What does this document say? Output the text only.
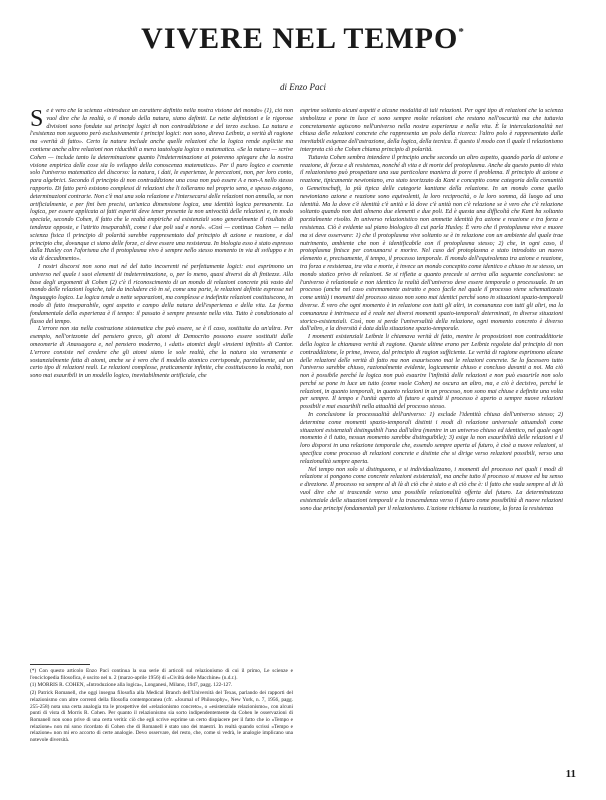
VIVERE NEL TEMPO*
di Enzo Paci

Se è vero che la scienza «introduce un carattere definito nella nostra visione del mondo» (1), ciò non vuol dire che la realtà, o il mondo della natura, siano definiti. Le nette definizioni e le rigorose divisioni sono fondate sui principi logici di non contraddizione e del terzo escluso. La natura e l'esistenza non seguono però esclusivamente i principi logici: non sono, direva Leibniz, a verità di ragione ma «verità di fatto». Certo la natura include anche quelle relazioni che la logica rende esplicite ma contiene anche altre relazioni non riducibili a mera tautologia logica o matematica. «Se la natura — scrive Cohen — include tanto la determinazione quanto l'indeterminazione ai poteremo spiegare che la nostra visione empirica delle cose sia lo sviluppo della conoscenza matematica». Per il puro logico e coerente solo l'universo matematico del discorso: la natura, i dati, le esperienze, le percezioni, non, per loro conto, para algebrici. Secondo il principio di non contraddizione una cosa non può essere A e non-A nello stesso rapporto. Di fatto però esistono complessi di relazioni che li tolleramo nel proprio seno, e spesso esigono, determinazioni contrarie. Non c'è mai una sola relazione e l'intersecarsi delle relazioni non annulla, se non artificialmente, e per fini ben precisi, un'unica dimensione logica, una identità logica permanente. La logica, per essere applicata ai fatti esperiti deve tener presente la non univocità delle relazioni e, in modo speciale, secondo Cohen, il fatto che le realtà empiriche ed esistenziali sono generalmente il risultato di tendenze opposte, e l'attrito inseparabili, come i due poli sud e nord». «Così — continua Cohen — nella scienza fisica il principio di polarità sarebbe rappresentato dal principio di azione e reazione, e dal principio che, dovunque ci siano delle forze, ci deve essere una resistenza. In biologia esso è stato espresso dalla Huxley con l'aforisma che il protoplasma vivo è sempre nello stesso momento in via di sviluppo e in via di decadimento».

I nostri discorsi non sono mai né del tutto incoerenti né perfettamente logici: essi esprimono un universo nel quale i suoi elementi di indeterminazione, o, per lo meno, quasi diversi da di finitezze. Alla base degli argomenti di Cohen (2) c'è il riconoscimento di un mondo di relazioni concrete più vasto del mondo delle relazioni logiche, tale da includere ciò in sé, come una parte, le relazioni definite espresse nel linguaggio logico. La logica tende a nette separazioni, ma complesse e indefinite relazioni costituiscono, in modo di fatto inseparabile, ogni aspetto e campo della natura dell'esperienza e della vita. La forma fondamentale della esperienza è il tempo: il passato è sempre presente nella vita. Tutto è condizionato al flusso del tempo.

L'errore non sta nella costruzione sistematica che può essere, se è il caso, sostituita da un'altra. Per esempio, nell'orizzonte del pensiero greco, gli atomi di Democrito possono essere sostituiti dalle omeomerie di Anassagora e, nel pensiero moderno, i «dati» atomici degli «insiemi infiniti» di Cantor. L'errore consiste nel credere che gli atomi siano le sole realtà, che la natura sia veramente e sostanzialmente fatta di atomi, anche se è vero che il modello atomico corrisponde, parzialmente, ad un certo tipo di relazioni reali. Le relazioni complesse, praticamente infinite, che costituiscono la realtà, non sono mai esauribili in un modello logico, inevitabilmente artificiale, che

esprime soltanto alcuni aspetti e alcune modalità di tali relazioni. Per ogni tipo di relazioni che la scienza simbolizza e pone in luce ci sono sempre molte relazioni che restano nell'oscurità ma che tuttavia concretamente agiscono nell'universo nella nostra esperienza e nella vita. È la intercalazionalità nei chiusa delle relazioni concrete che rappresenta un polo della ricerca: l'altro polo è rappresentato dalle inevitabili esigenze dell'astrazione, della logica, della tecnica. È questo il modo con il quale il relazionismo interpreta ciò che Cohen chiama principio di polarità.

Tuttavia Cohen sembra intendere il principio anche secondo un altro aspetto, quando parla di azione e reazione, di forza e di resistenza, nonché di vita e di morte del protoplasma. Anche da questo punto di vista il relazionismo può prospettare una sua particolare maniera di porre il problema. Il principio di azione e reazione, tipicamente newtoniano, era stato teorizzato da Kant e concepito come categoria della comunità o Gemeinschaft, la più tipica delle categorie kantiane della relazione. In un mondo come quello newtoniano azione e reazione sono equivalenti, la loro reciprocità, o la loro somma, dà luogo ad una identità. Ma la dove c'è identità c'è unità e là dove c'è unità non c'è relazione se è vero che c'è relazione soltanto quando non dati almeno due elementi e due poli. Ed è questa una difficoltà che Kant ha soltanto parzialmente risolto. In universo relazionistico non ammette identità fra azione e reazione e tra forza e resistenza. Ciò è evidente sul piano biologico di cui parla Huxley. È vero che il protoplasma vive e muore ma si deve osservare: 1) che il protoplasma vive soltanto se è in relazione con un ambiente del quale trae nutrimento, ambiente che non è identificabile con il protoplasma stesso; 2) che, in ogni caso, il protoplasma finisce per consumarsi e morire. Nel caso del protoplasma e stato introdotto un nuovo elemento e, precisamente, il tempo, il processo temporale. Il mondo dell'equivalenza tra azione e reazione, tra forza e resistenza, tra vita e morte, è invece un mondo concepito come identico e chiuso in se stesso, un mondo statico privo di relazioni. Se si riflette a quanto precede si arriva alla seguente conclusione: se l'universo è relazionale e non identico la realtà dell'universo deve essere temporale o processuale. In un processo (anche nel caso estremamente astratto e poco facile nel quale il processo viene schematizzato come unità) i momenti del processo stesso non sono mai identici perché sono in situazioni spazio-temporali diverse. È vero che ogni momento è in relazione con tutti gli altri, in comunanza con tutti gli altri, ma la comunanza è intrinseca ed è reale nei diversi momenti spazio-temporali determinati, in diverse situazioni storico-esistenziali. Così, non si perde l'universalità della relazione, ogni momento concreto è diverso dall'altro, e la diversità è data dalla situazione spazio-temporale.

I momenti esistenziali Leibniz li chiamava verità di fatto, mentre le proposizioni non contraddittorie della logica le chiamava verità di ragione. Queste ultime erano per Leibniz regolate dal principio di non contraddizione, le prime, invece, dal principio di ragion sufficiente. Le verità di ragione esprimono alcune delle relazioni delle verità di fatto ma non esauriscono mai le relazioni concrete. Se la facessero tutto l'universo sarebbe chiuso, razionalmente evidente, logicamente chiuso e concluso davanti a noi. Ma ciò non è possibile perché la logica non può esaurire l'infinità delle relazioni e non può esaurirle non solo perché se pone in luce un tutto (come vuole Cohen) ne oscura un altro, ma, e ciò è decisivo, perché le relazioni, in quanto temporali, in quanto relazioni in un processo, non sono mai chiuse e definite una volta per sempre. Il tempo e l'unità aperto di futuro e quindi il processo è aperto a sempre nuove relazioni possibili e mai esauribili nella attualità del processo stesso.

In conclusione la processualità dell'universo: 1) esclude l'identità chiusa dell'universo stesso; 2) determina come momenti spazio-temporali distinti i modi di relazione universale attuandoli come situazioni esistenziali distinguibili l'una dall'altra (mentre in un universo chiuso ed identico, nel quale ogni momento è il tutto, nessun momento sarebbe distinguibile); 3) esige la non esauribilità delle relazioni e il loro disporsi in una relazione temporale che, essendo sempre aperta al futuro, è cioè a nuove relazioni, si specifica come processo di relazioni concrete e distinte che si dirige verso relazioni possibili, verso una relazionalità sempre aperta.

Nel tempo non solo si distinguono, e si individualizzano, i momenti del processo nei quali i modi di relazione si pongono come concrete relazioni esistenziali, ma anche tutto il processo si muove ed ha senso e direzione. Il processo va sempre al di là di ciò che è stato e di ciò che è: il fatto che vada sempre al di là vuol dire che si trascende verso una possibile relazionalità offerta dal futuro. La determinatezza esistenziale delle situazioni temporali e la trascendenza verso il futuro come possibilità di nuove relazioni sono due principi fondamentali per il relazionismo. L'azione richiama la reazione, la forza la resistenza

(*) Con questo articolo Enzo Paci continua la sua serie di articoli sul relazionismo di cui il primo, Le scienze e l'enciclopedia filosofica, è uscito nel n. 2 (marzo-aprile 1956) di «Civiltà delle Macchine» (n.d.r.).

(1) MORRIS R. COHEN, «Introduzione alla logica», Longanesi, Milano, 1947, pagg. 122-127.

(2) Patrick Romanell, che oggi insegna filosofia alla Medical Branch dell'Università del Texas, parlando dei rapporti del relazionismo con altre correnti della filosofia contemporanea (cfr. «Journal of Philosophy», New York, n. 7, 1956, pagg. 255-258) nota una certa analogia tra le prospettive del «relazionismo concreto», o «esistenziale relazionismo», con alcuni punti di vista di Morris R. Cohen. Per quanto il relazionismo sia sorto indipendentemente da Cohen le osservazioni di Romanell non sono prive di una certa verità: ciò che egli scrive esprime un certo dispiacere per il fatto che io «Tempo e relazione» non mi sono ricordato di Cohen che di Romanell è stato uno dei maestri. In realtà quando scrissi «Tempo e relazione» non mi ero accorto di certe analogie. Devo osservare, del resto, che, come si vedrà, le analogie implicano una notevole diversità.

11
